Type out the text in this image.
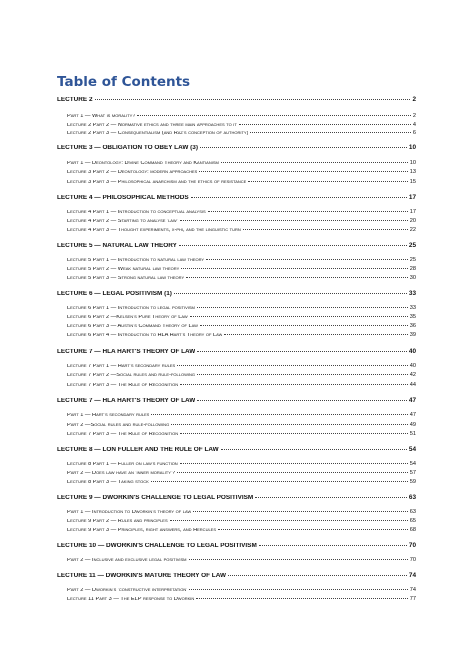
Table of Contents
LECTURE 2	2
Part 1 — What is morality?	2
Lecture 2 Part 2 — Normative ethics and three main approaches to it	4
Lecture 2 Part 3 — Consequentialism (and Raz's conception of authority)	6
LECTURE 3 — OBLIGATION TO OBEY LAW (3)	10
Part 1 — Deontology: Divine Command Theory and Kantianism	10
Lecture 3 Part 2 — Deontology: modern approaches	13
Lecture 3 Part 3 — Philosophical anarchism and the ethics of resistance	15
LECTURE 4 — PHILOSOPHICAL METHODS	17
Lecture 4 Part 1 — Introduction to conceptual analysis	17
Lecture 4 Part 2 — Starting to analyse 'law'	20
Lecture 4 Part 3 — Thought experiments, x-phi, and the linguistic turn	22
LECTURE 5 — NATURAL LAW THEORY	25
Lecture 5 Part 1 — Introduction to natural law theory	25
Lecture 5 Part 2 — Weak natural law theory	28
Lecture 5 Part 3 — Strong natural law theory	30
LECTURE 6 — LEGAL POSITIVISM (1)	33
Lecture 6 Part 1 — Introduction to legal positivism	33
Lecture 6 Part 2 —Kelsen's Pure Theory of Law	35
Lecture 6 Part 3 — Austin's Command Theory of Law	36
Lecture 6 Part 4 — Introduction to HLA Hart's Theory of Law	39
LECTURE 7 — HLA HART'S THEORY OF LAW	40
Lecture 7 Part 1 — Hart's secondary rules	40
Lecture 7 Part 2 —Social rules and rule-following	42
Lecture 7 Part 3 — The Rule of Recognition	44
LECTURE 7 — HLA HART'S THEORY OF LAW	47
Part 1 — Hart's secondary rules	47
Part 2 —Social rules and rule-following	49
Lecture 7 Part 3 — The Rule of Recognition	51
LECTURE 8 — LON FULLER AND THE RULE OF LAW	54
Lecture 8 Part 1 — Fuller on law's function	54
Part 2 — Does law have an 'inner morality'?	57
Lecture 8 Part 3 — Taking stock	59
LECTURE 9 — DWORKIN'S CHALLENGE TO LEGAL POSITIVISM	63
Part 1 — Introduction to Dworkin's theory of law	63
Lecture 9 Part 2 — Rules and principles	65
Lecture 9 Part 3 — Principles, right answers, and Hercules	68
LECTURE 10 — DWORKIN'S CHALLENGE TO LEGAL POSITIVISM	70
Part 2 — Inclusive and exclusive legal positivism	70
LECTURE 11 — DWORKIN'S MATURE THEORY OF LAW	74
Part 2 — Dworkin's 'constructive interpretation'	74
Lecture 11 Part 3 — The ELP response to Dworkin	77
